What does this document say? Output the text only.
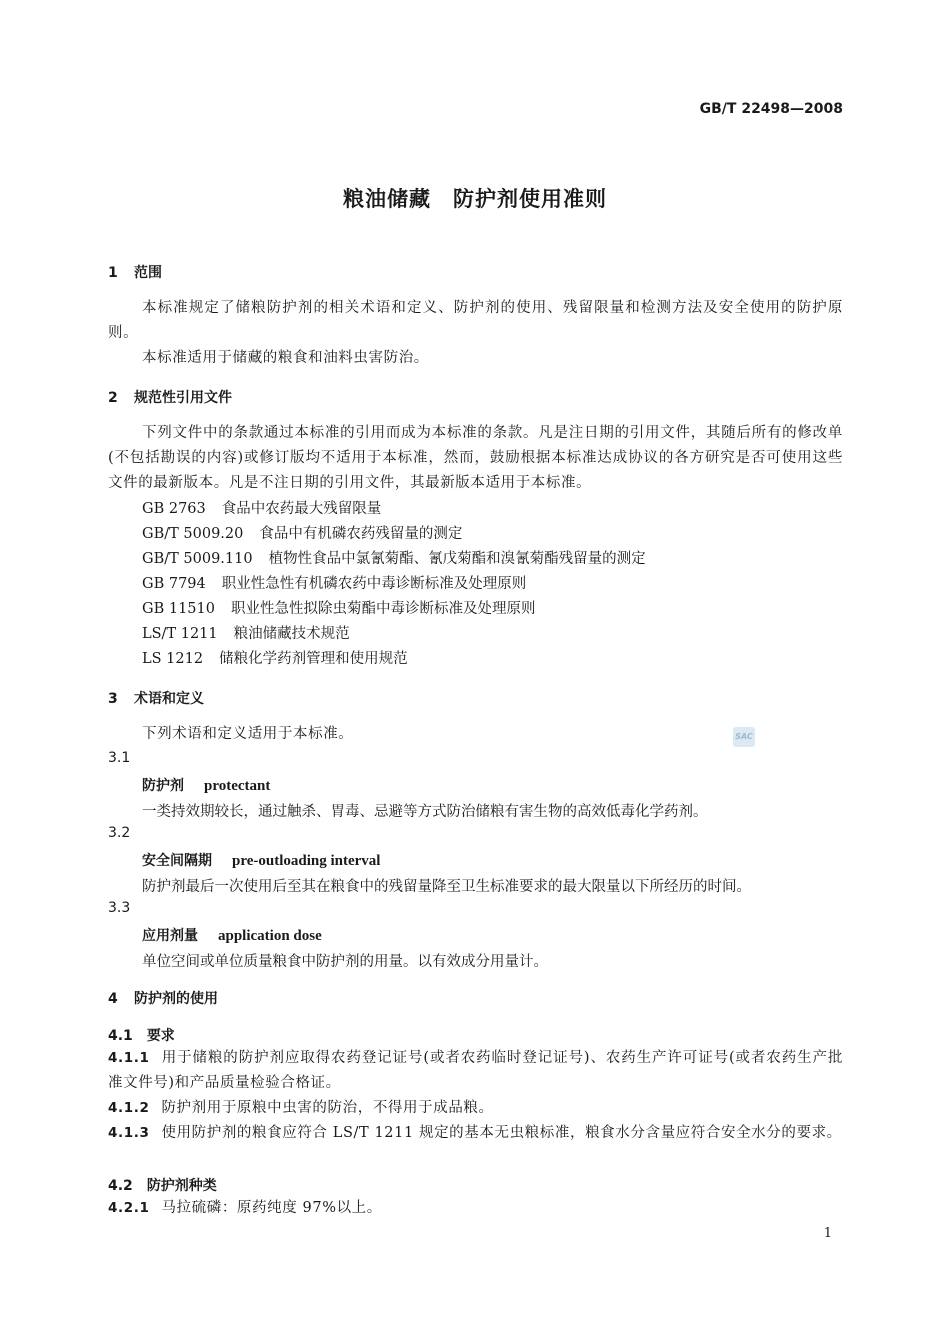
GB/T 22498—2008
粮油储藏　防护剂使用准则
1 范围
本标准规定了储粮防护剂的相关术语和定义、防护剂的使用、残留限量和检测方法及安全使用的防护原则。
本标准适用于储藏的粮食和油料虫害防治。
2 规范性引用文件
下列文件中的条款通过本标准的引用而成为本标准的条款。凡是注日期的引用文件，其随后所有的修改单(不包括勘误的内容)或修订版均不适用于本标准，然而，鼓励根据本标准达成协议的各方研究是否可使用这些文件的最新版本。凡是不注日期的引用文件，其最新版本适用于本标准。
GB 2763 食品中农药最大残留限量
GB/T 5009.20 食品中有机磷农药残留量的测定
GB/T 5009.110 植物性食品中氯氰菊酯、氰戊菊酯和溴氰菊酯残留量的测定
GB 7794 职业性急性有机磷农药中毒诊断标准及处理原则
GB 11510 职业性急性拟除虫菊酯中毒诊断标准及处理原则
LS/T 1211 粮油储藏技术规范
LS 1212 储粮化学药剂管理和使用规范
3 术语和定义
下列术语和定义适用于本标准。	SAC
3.1
防护剂 protectant
一类持效期较长，通过触杀、胃毒、忌避等方式防治储粮有害生物的高效低毒化学药剂。
3.2
安全间隔期 pre-outloading interval
防护剂最后一次使用后至其在粮食中的残留量降至卫生标准要求的最大限量以下所经历的时间。
3.3
应用剂量 application dose
单位空间或单位质量粮食中防护剂的用量。以有效成分用量计。
4 防护剂的使用
4.1 要求
4.1.1 用于储粮的防护剂应取得农药登记证号(或者农药临时登记证号)、农药生产许可证号(或者农药生产批准文件号)和产品质量检验合格证。
4.1.2 防护剂用于原粮中虫害的防治，不得用于成品粮。
4.1.3 使用防护剂的粮食应符合 LS/T 1211 规定的基本无虫粮标准，粮食水分含量应符合安全水分的要求。
4.2 防护剂种类
4.2.1 马拉硫磷：原药纯度 97%以上。
1
